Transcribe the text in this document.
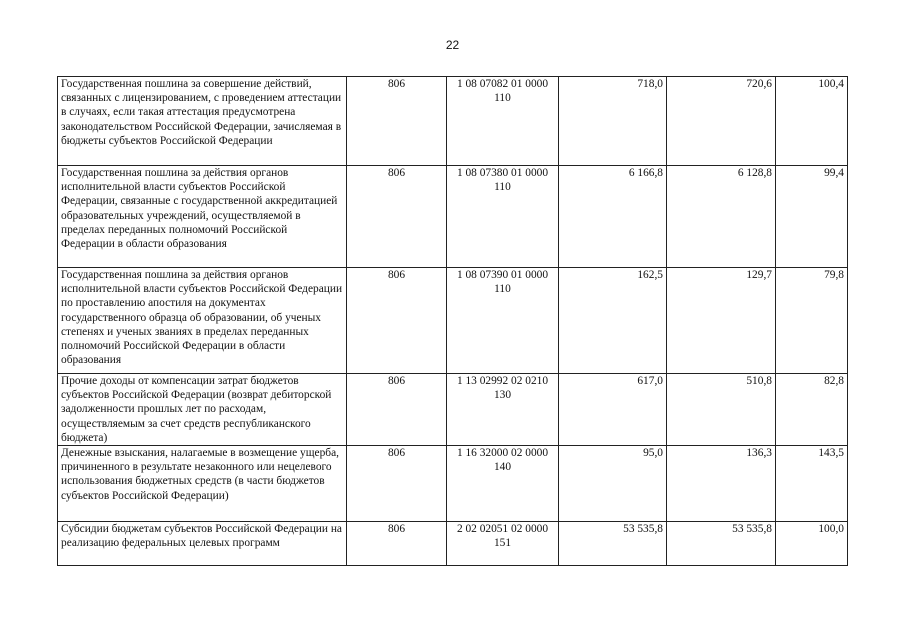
22
Государственная пошлина за совершение действий, связанных с лицензированием, с проведением аттестации в случаях, если такая аттестация предусмотрена законодательством Российской Федерации, зачисляемая в бюджеты субъектов Российской Федерации	806	1 08 07082 01 0000 110	718,0	720,6	100,4
Государственная пошлина за действия органов исполнительной власти субъектов Российской Федерации, связанные с государственной аккредитацией образовательных учреждений, осуществляемой в пределах переданных полномочий Российской Федерации в области образования	806	1 08 07380 01 0000 110	6 166,8	6 128,8	99,4
Государственная пошлина за действия органов исполнительной власти субъектов Российской Федерации по проставлению апостиля на документах государственного образца об образовании, об ученых степенях и ученых званиях в пределах переданных полномочий Российской Федерации в области образования	806	1 08 07390 01 0000 110	162,5	129,7	79,8
Прочие доходы от компенсации затрат бюджетов субъектов Российской Федерации (возврат дебиторской задолженности прошлых лет по расходам, осуществляемым за счет средств республиканского бюджета)	806	1 13 02992 02 0210 130	617,0	510,8	82,8
Денежные взыскания, налагаемые в возмещение ущерба, причиненного в результате незаконного или нецелевого использования бюджетных средств (в части бюджетов субъектов Российской Федерации)	806	1 16 32000 02 0000 140	95,0	136,3	143,5
Субсидии бюджетам субъектов Российской Федерации на реализацию федеральных целевых программ	806	2 02 02051 02 0000 151	53 535,8	53 535,8	100,0
